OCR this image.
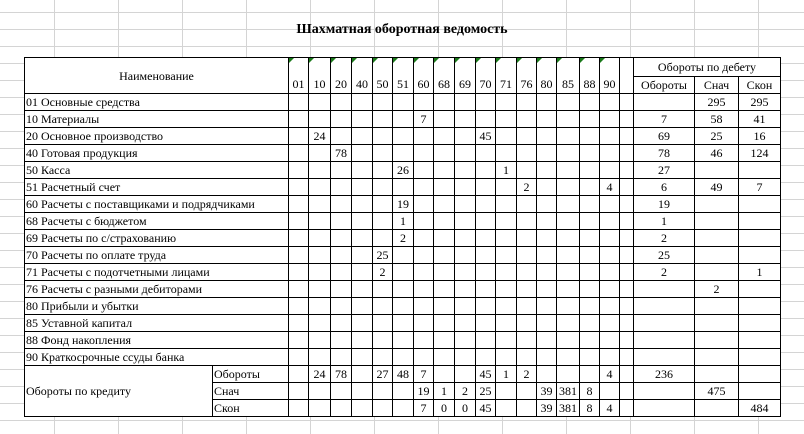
Шахматная оборотная ведомость
Наименование		01	10	20	40	50	51	60	68	69	70	71	76	80	85	88	90		Обороты по дебету		
																			Обороты	Снач	Скон
01 Основные средства																				295	295
10 Материалы								7											7	58	41
20 Основное производство			24								45								69	25	16
40 Готовая продукция				78															78	46	124
50 Касса							26					1							27		
51 Расчетный счет													2				4		6	49	7
60 Расчеты с поставщиками и подрядчиками							19												19		
68 Расчеты с бюджетом							1												1		
69 Расчеты по с/страхованию							2												2		
70 Расчеты по оплате труда						25													25		
71 Расчеты с подотчетными лицами						2													2		1
76 Расчеты с разными дебиторами																				2	
80 Прибыли и убытки																					
85 Уставной капитал																					
88 Фонд накопления																					
90 Краткосрочные ссуды банка																					
Обороты по кредиту	Обороты		24	78		27	48	7			45	1	2				4		236		
	Снач							19	1	2	25			39	381	8				475	
	Скон							7	0	0	45			39	381	8	4				484
